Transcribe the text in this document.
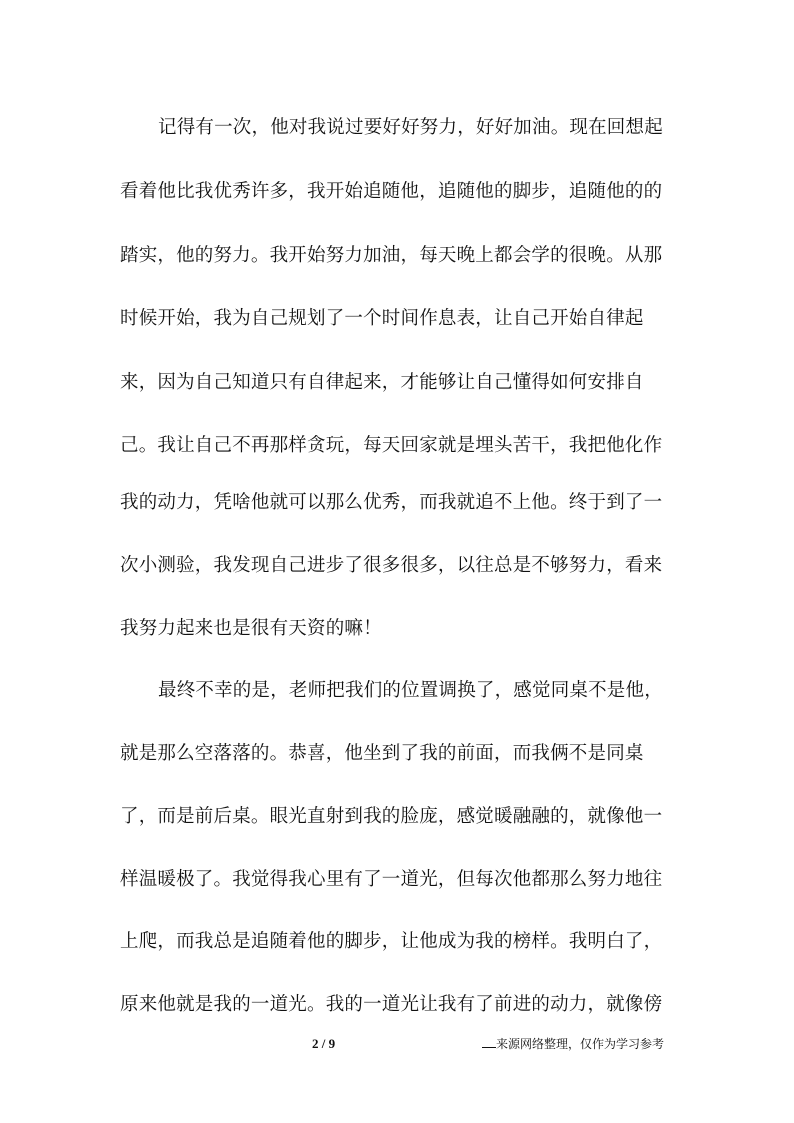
记得有一次，他对我说过要好好努力，好好加油。现在回想起
看着他比我优秀许多，我开始追随他，追随他的脚步，追随他的的
踏实，他的努力。我开始努力加油，每天晚上都会学的很晚。从那
时候开始，我为自己规划了一个时间作息表，让自己开始自律起
来，因为自己知道只有自律起来，才能够让自己懂得如何安排自
己。我让自己不再那样贪玩，每天回家就是埋头苦干，我把他化作
我的动力，凭啥他就可以那么优秀，而我就追不上他。终于到了一
次小测验，我发现自己进步了很多很多，以往总是不够努力，看来
我努力起来也是很有天资的嘛！
最终不幸的是，老师把我们的位置调换了，感觉同桌不是他，
就是那么空落落的。恭喜，他坐到了我的前面，而我俩不是同桌
了，而是前后桌。眼光直射到我的脸庞，感觉暖融融的，就像他一
样温暖极了。我觉得我心里有了一道光，但每次他都那么努力地往
上爬，而我总是追随着他的脚步，让他成为我的榜样。我明白了，
原来他就是我的一道光。我的一道光让我有了前进的动力，就像傍
2 / 9	来源网络整理，仅作为学习参考
